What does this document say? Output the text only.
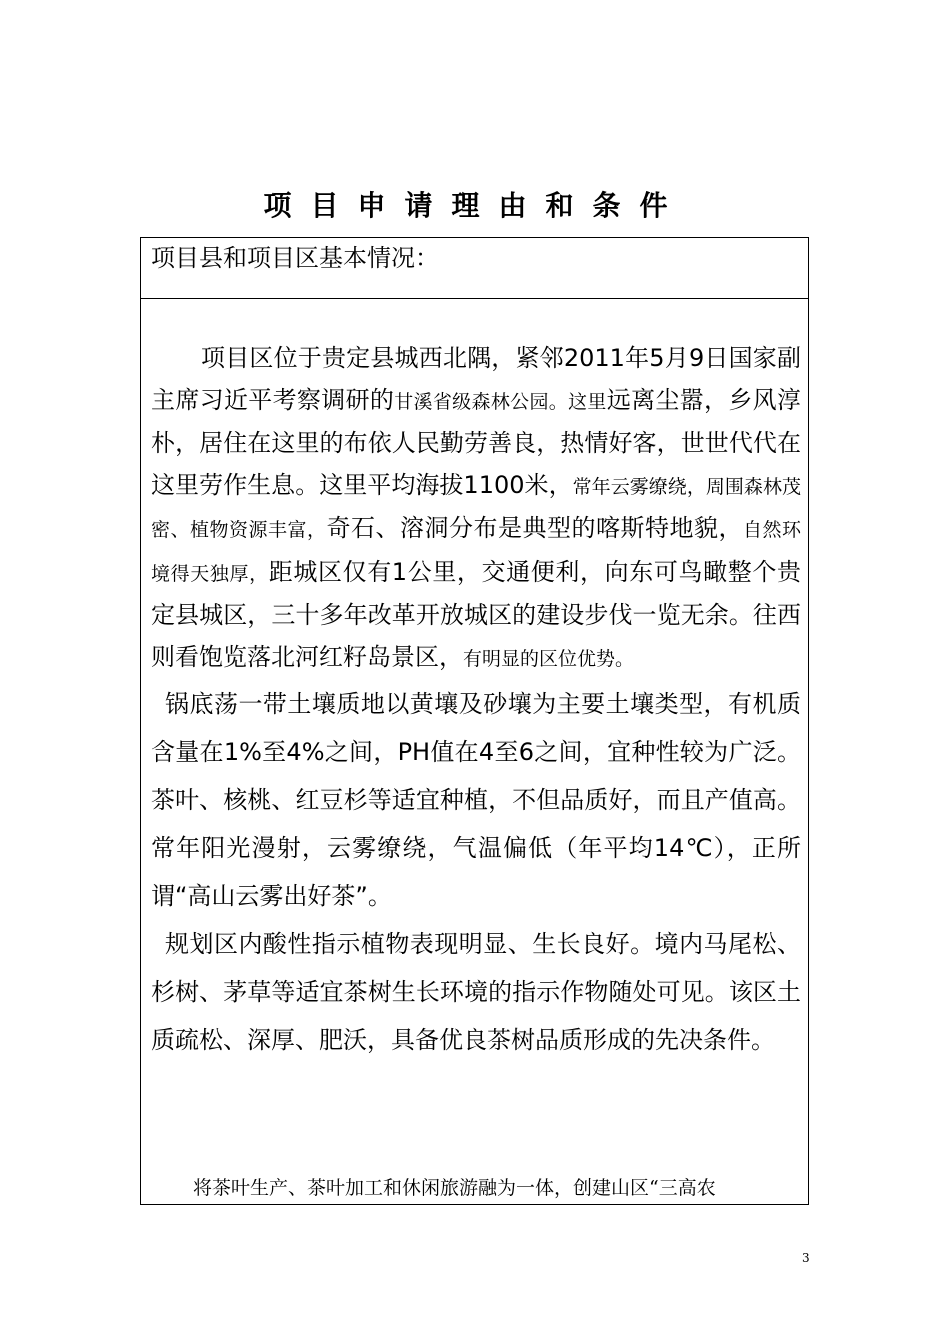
项目申请理由和条件
项目县和项目区基本情况：

项目区位于贵定县城西北隅，紧邻2011年5月9日国家副主席习近平考察调研的甘溪省级森林公园。这里远离尘嚣，乡风淳朴，居住在这里的布依人民勤劳善良，热情好客，世世代代在这里劳作生息。这里平均海拔1100米，常年云雾缭绕，周围森林茂密、植物资源丰富，奇石、溶洞分布是典型的喀斯特地貌，自然环境得天独厚，距城区仅有1公里，交通便利，向东可鸟瞰整个贵定县城区，三十多年改革开放城区的建设步伐一览无余。往西则看饱览落北河红籽岛景区，有明显的区位优势。

锅底荡一带土壤质地以黄壤及砂壤为主要土壤类型，有机质含量在1%至4%之间，PH值在4至6之间，宜种性较为广泛。茶叶、核桃、红豆杉等适宜种植，不但品质好，而且产值高。常年阳光漫射，云雾缭绕，气温偏低（年平均14℃），正所谓“高山云雾出好茶”。

规划区内酸性指示植物表现明显、生长良好。境内马尾松、杉树、茅草等适宜茶树生长环境的指示作物随处可见。该区土质疏松、深厚、肥沃，具备优良茶树品质形成的先决条件。

将茶叶生产、茶叶加工和休闲旅游融为一体，创建山区“三高农
3
